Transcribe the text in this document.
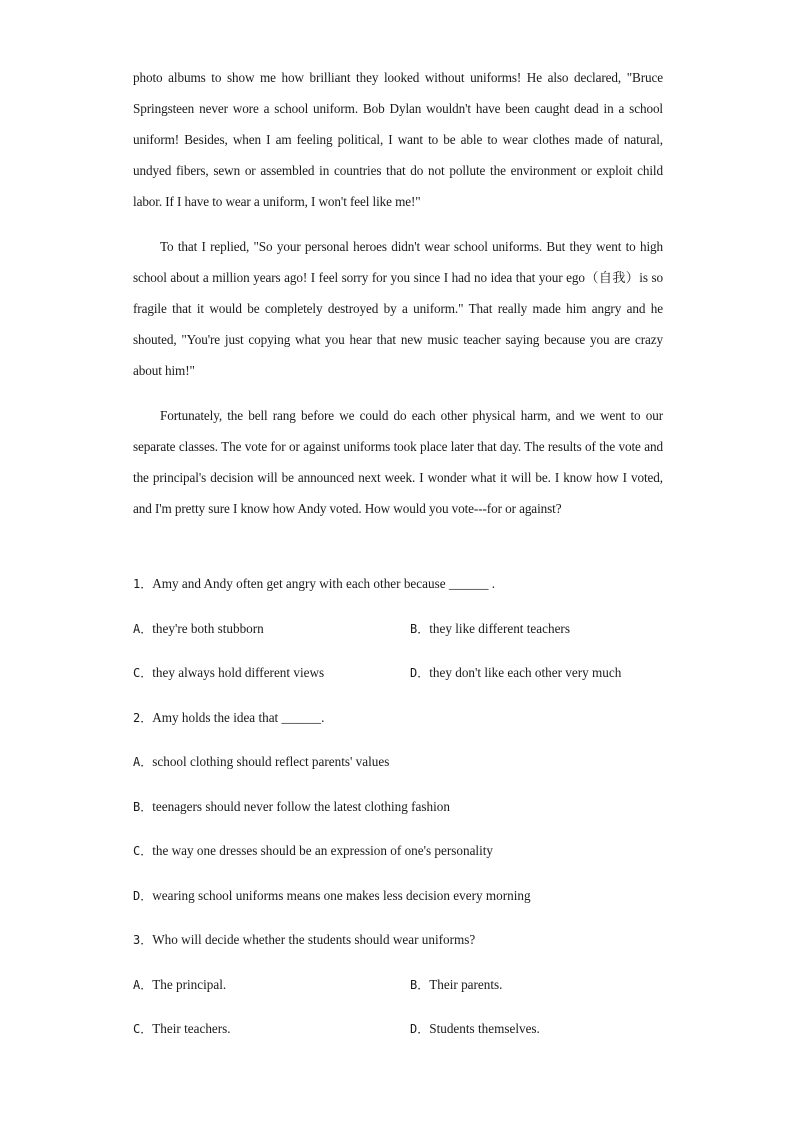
photo albums to show me how brilliant they looked without uniforms! He also declared, "Bruce Springsteen never wore a school uniform. Bob Dylan wouldn't have been caught dead in a school uniform! Besides, when I am feeling political, I want to be able to wear clothes made of natural, undyed fibers, sewn or assembled in countries that do not pollute the environment or exploit child labor. If I have to wear a uniform, I won't feel like me!"

To that I replied, "So your personal heroes didn't wear school uniforms. But they went to high school about a million years ago! I feel sorry for you since I had no idea that your ego（自我）is so fragile that it would be completely destroyed by a uniform." That really made him angry and he shouted, "You're just copying what you hear that new music teacher saying because you are crazy about him!"

Fortunately, the bell rang before we could do each other physical harm, and we went to our separate classes. The vote for or against uniforms took place later that day. The results of the vote and the principal's decision will be announced next week. I wonder what it will be. I know how I voted, and I'm pretty sure I know how Andy voted. How would you vote---for or against?

1．Amy and Andy often get angry with each other because ______ .
A．they're both stubborn	B．they like different teachers
C．they always hold different views	D．they don't like each other very much
2．Amy holds the idea that ______.
A．school clothing should reflect parents' values
B．teenagers should never follow the latest clothing fashion
C．the way one dresses should be an expression of one's personality
D．wearing school uniforms means one makes less decision every morning
3．Who will decide whether the students should wear uniforms?
A．The principal.	B．Their parents.
C．Their teachers.	D．Students themselves.
